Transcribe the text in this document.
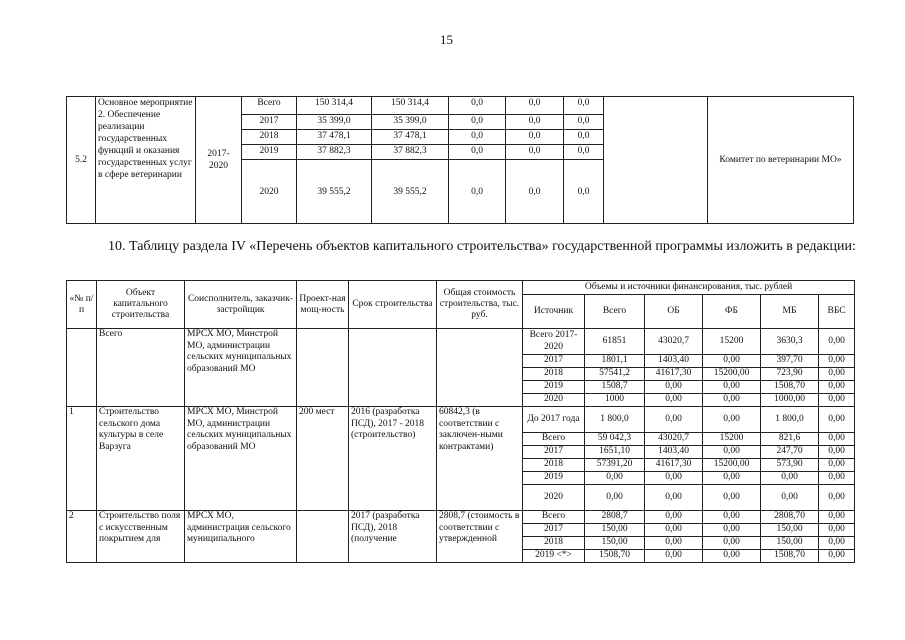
15
5.2	Основное мероприятие 2. Обеспечение реализации государственных функций и оказания государственных услуг в сфере ветеринарии	2017-2020	Всего	150 314,4	150 314,4	0,0	0,0	0,0		Комитет по ветеринарии МО»
			2017	35 399,0	35 399,0	0,0	0,0	0,0		
			2018	37 478,1	37 478,1	0,0	0,0	0,0		
			2019	37 882,3	37 882,3	0,0	0,0	0,0		
			2020	39 555,2	39 555,2	0,0	0,0	0,0		
10. Таблицу раздела IV «Перечень объектов капитального строительства» государственной программы изложить в редакции:
«№ п/п	Объект капитального строительства	Соисполнитель, заказчик-застройщик	Проект-ная мощ-ность	Срок строительства	Общая стоимость строительства, тыс. руб.	Объемы и источники финансирования, тыс. рублей					
						Источник	Всего	ОБ	ФБ	МБ	ВБС
	Всего	МРСХ МО, Минстрой МО, администрации сельских муниципальных образований МО				Всего 2017-2020	61851	43020,7	15200	3630,3	0,00
						2017	1801,1	1403,40	0,00	397,70	0,00
						2018	57541,2	41617,30	15200,00	723,90	0,00
						2019	1508,7	0,00	0,00	1508,70	0,00
						2020	1000	0,00	0,00	1000,00	0,00
1	Строительство сельского дома культуры в селе Варзуга	МРСХ МО, Минстрой МО, администрации сельских муниципальных образований МО	200 мест	2016 (разработка ПСД), 2017 - 2018 (строительство)	60842,3 (в соответствии с заключен-ными контрактами)	До 2017 года	1 800,0	0,00	0,00	1 800,0	0,00
						Всего	59 042,3	43020,7	15200	821,6	0,00
						2017	1651,10	1403,40	0,00	247,70	0,00
						2018	57391,20	41617,30	15200,00	573,90	0,00
						2019	0,00	0,00	0,00	0,00	0,00
						2020	0,00	0,00	0,00	0,00	0,00
2	Строительство поля с искусственным покрытием для	МРСХ МО, администрация сельского муниципального		2017 (разработка ПСД), 2018 (получение	2808,7 (стоимость в соответствии с утвержденной	Всего	2808,7	0,00	0,00	2808,70	0,00
						2017	150,00	0,00	0,00	150,00	0,00
						2018	150,00	0,00	0,00	150,00	0,00
						2019 <*>	1508,70	0,00	0,00	1508,70	0,00
